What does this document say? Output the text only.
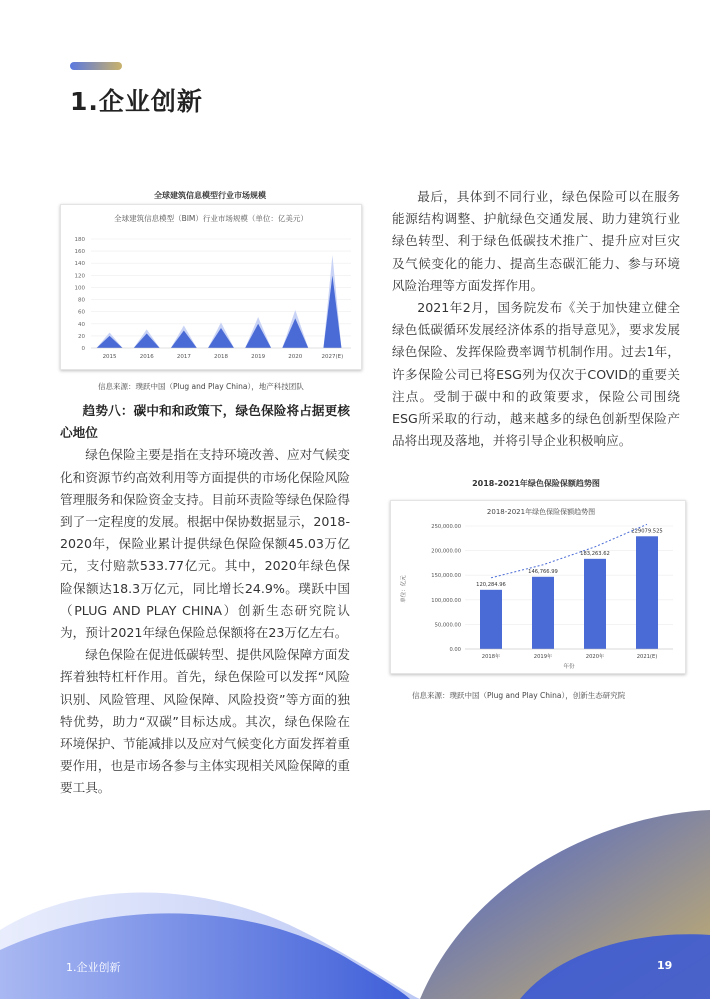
1.企业创新
全球建筑信息模型行业市场规模
全球建筑信息模型（BIM）行业市场规模（单位：亿美元）
0
20
40
60
80
100
120
140
160
180
2015	2016	2017	2018	2019	2020	2027(E)
信息来源：璞跃中国（Plug and Play China），地产科技团队

趋势八：碳中和和政策下，绿色保险将占据更核心地位

绿色保险主要是指在支持环境改善、应对气候变化和资源节约高效利用等方面提供的市场化保险风险管理服务和保险资金支持。目前环责险等绿色保险得到了一定程度的发展。根据中保协数据显示，2018-2020年，保险业累计提供绿色保险保额45.03万亿元，支付赔款533.77亿元。其中，2020年绿色保险保额达18.3万亿元，同比增长24.9%。璞跃中国（PLUG AND PLAY CHINA）创新生态研究院认为，预计2021年绿色保险总保额将在23万亿左右。

绿色保险在促进低碳转型、提供风险保障方面发挥着独特杠杆作用。首先，绿色保险可以发挥“风险识别、风险管理、风险保障、风险投资”等方面的独特优势，助力“双碳”目标达成。其次，绿色保险在环境保护、节能减排以及应对气候变化方面发挥着重要作用，也是市场各参与主体实现相关风险保障的重要工具。

最后，具体到不同行业，绿色保险可以在服务能源结构调整、护航绿色交通发展、助力建筑行业绿色转型、利于绿色低碳技术推广、提升应对巨灾及气候变化的能力、提高生态碳汇能力、参与环境风险治理等方面发挥作用。

2021年2月，国务院发布《关于加快建立健全绿色低碳循环发展经济体系的指导意见》，要求发展绿色保险、发挥保险费率调节机制作用。过去1年，许多保险公司已将ESG列为仅次于COVID的重要关注点。受制于碳中和的政策要求，保险公司围绕ESG所采取的行动，越来越多的绿色创新型保险产品将出现及落地，并将引导企业积极响应。

2018-2021年绿色保险保额趋势图
2018-2021年绿色保险保额趋势图
0.00
50,000.00
100,000.00
150,000.00
200,000.00
250,000.00
单位：亿元	120,284.96
2018年
146,766.99
2019年
183,263.62
2020年
229079.525
2021(E)
年份
信息来源：璞跃中国（Plug and Play China），创新生态研究院
1.企业创新	19
